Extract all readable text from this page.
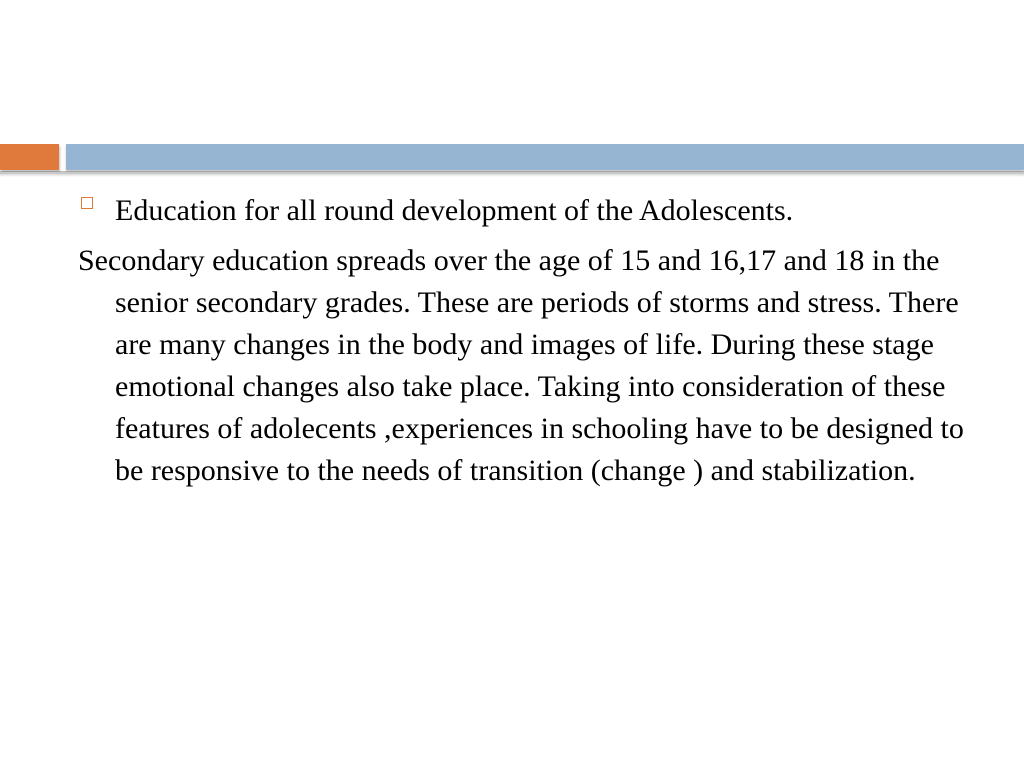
Education for all round development of the Adolescents.

Secondary education spreads over the age of 15 and 16,17 and 18 in the senior secondary grades. These are periods of storms and stress. There are many changes in the body and images of life. During these stage emotional changes also take place. Taking into consideration of these features of adolecents ,experiences in schooling have to be designed to be responsive to the needs of transition (change ) and stabilization.
